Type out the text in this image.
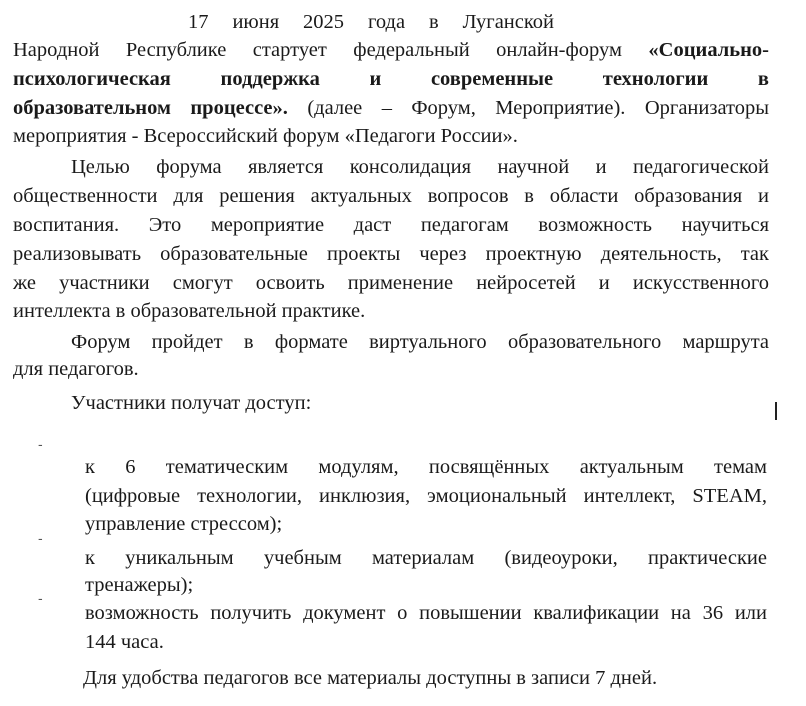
17 июня 2025 года в Луганской
Народной Республике стартует федеральный онлайн-форум «Социально-
психологическая поддержка и современные технологии в
образовательном процессе». (далее – Форум, Мероприятие). Организаторы
мероприятия - Всероссийский форум «Педагоги России».
Целью форума является консолидация научной и педагогической
общественности для решения актуальных вопросов в области образования и
воспитания. Это мероприятие даст педагогам возможность научиться
реализовывать образовательные проекты через проектную деятельность, так
же участники смогут освоить применение нейросетей и искусственного
интеллекта в образовательной практике.
Форум пройдет в формате виртуального образовательного маршрута
для педагогов.
Участники получат доступ:
-
к 6 тематическим модулям, посвящённых актуальным темам
(цифровые технологии, инклюзия, эмоциональный интеллект, STEAM,
управление стрессом);
-
к уникальным учебным материалам (видеоуроки, практические
тренажеры);
-
возможность получить документ о повышении квалификации на 36 или
144 часа.
Для удобства педагогов все материалы доступны в записи 7 дней.
